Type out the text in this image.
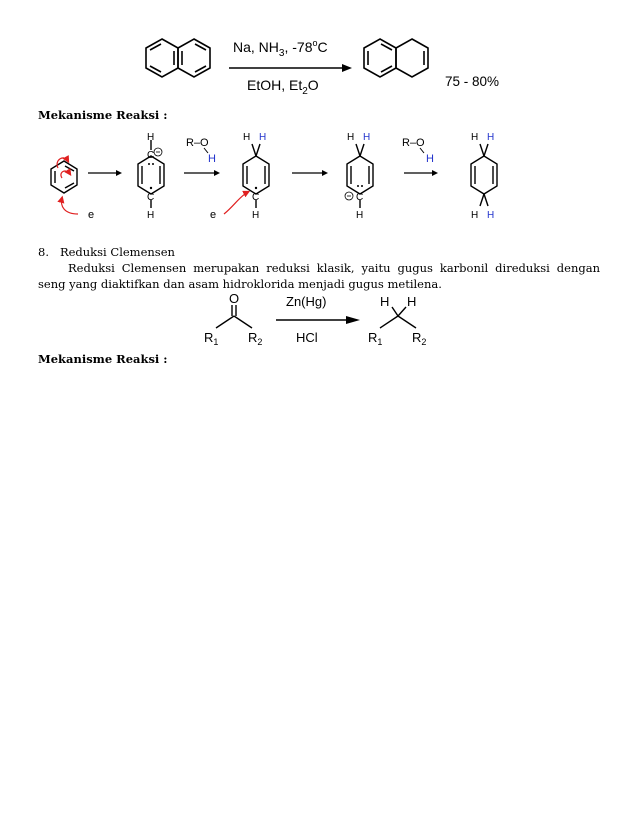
Na, $NH_3$, -78$^o$C
EtOH, $Et_2O$	75 - 80%
Mekanisme Reaksi :
e
H
C
C
H
R–O
H
H H
C
H
e
H H
C
H
R–O
H
H H
H H
8. Reduksi Clemensen
Reduksi Clemensen merupakan reduksi klasik, yaitu gugus karbonil direduksi dengan seng yang diaktifkan dan asam hidroklorida menjadi gugus metilena.
O
$R_1$ $R_2$
Zn(Hg)
HCl
H H
$R_1$ $R_2$
Mekanisme Reaksi :
